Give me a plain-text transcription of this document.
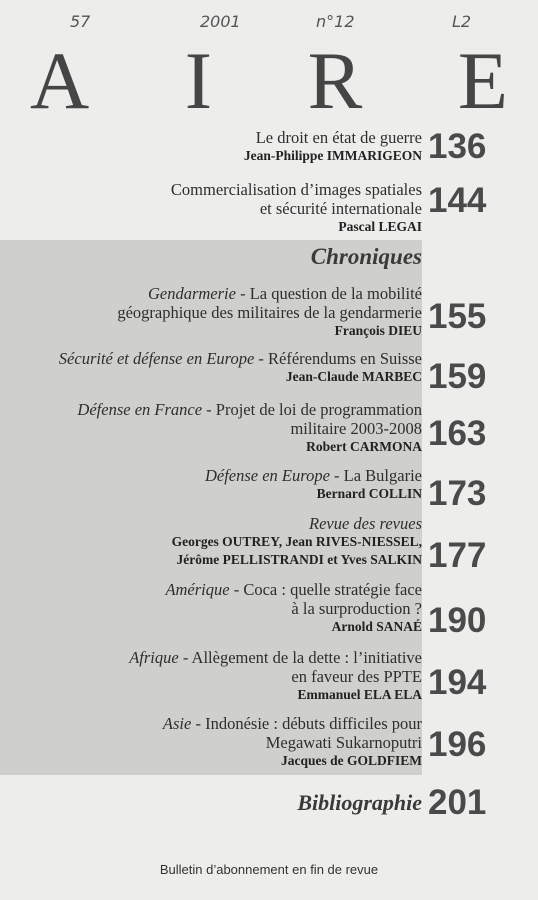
57	2001	n°12	L2
A I R E
Le droit en état de guerre
Jean-Philippe IMMARIGEON 136
Commercialisation d’images spatiales
et sécurité internationale
Pascal LEGAI
144
Chroniques
Gendarmerie - La question de la mobilité
géographique des militaires de la gendarmerie
François DIEU 155
Sécurité et défense en Europe - Référendums en Suisse
Jean-Claude MARBEC 159
Défense en France - Projet de loi de programmation
militaire 2003-2008
Robert CARMONA 163
Défense en Europe - La Bulgarie
Bernard COLLIN 173
Revue des revues
Georges OUTREY, Jean RIVES-NIESSEL,
Jérôme PELLISTRANDI et Yves SALKIN 177
Amérique - Coca : quelle stratégie face
à la surproduction ?
Arnold SANAÉ 190
Afrique - Allègement de la dette : l’initiative
en faveur des PPTE
Emmanuel ELA ELA 194
Asie - Indonésie : débuts difficiles pour
Megawati Sukarnoputri
Jacques de GOLDFIEM 196
Bibliographie 201
Bulletin d’abonnement en fin de revue
